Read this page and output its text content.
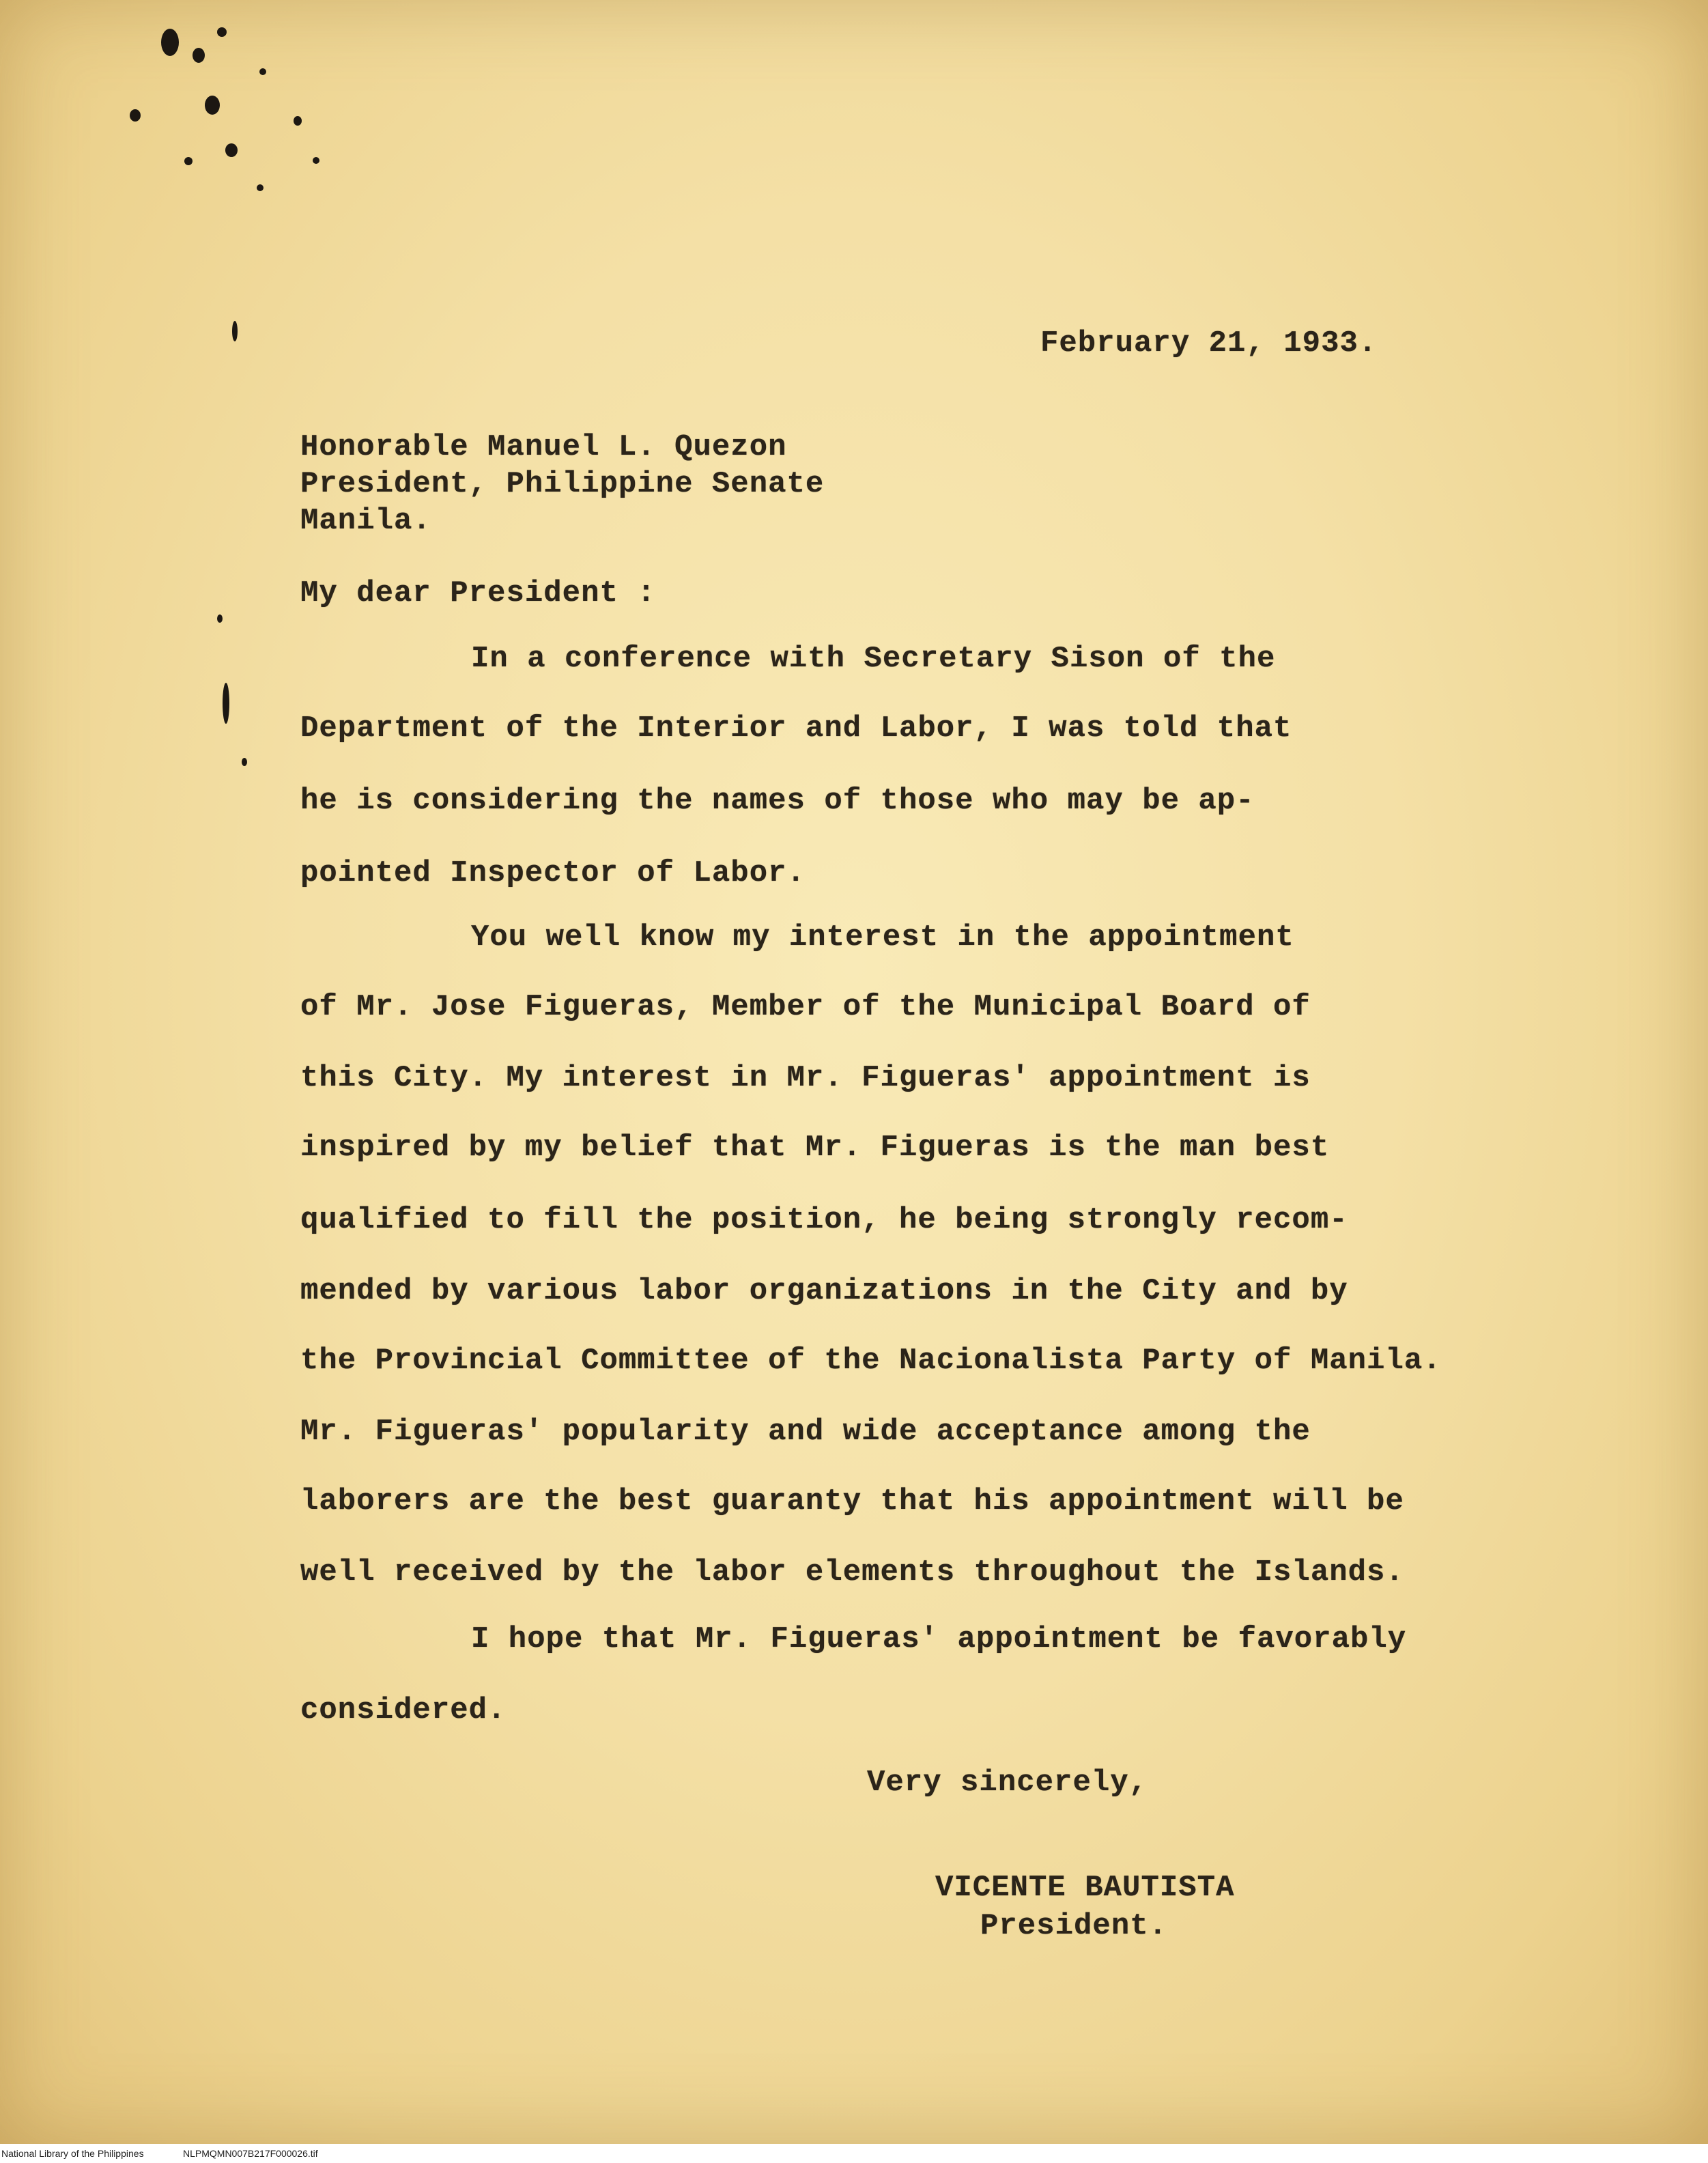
February 21, 1933.
Honorable Manuel L. Quezon
President, Philippine Senate
Manila.
My dear President :
In a conference with Secretary Sison of the
Department of the Interior and Labor, I was told that
he is considering the names of those who may be ap-
pointed Inspector of Labor.
You well know my interest in the appointment
of Mr. Jose Figueras, Member of the Municipal Board of
this City. My interest in Mr. Figueras' appointment is
inspired by my belief that Mr. Figueras is the man best
qualified to fill the position, he being strongly recom-
mended by various labor organizations in the City and by
the Provincial Committee of the Nacionalista Party of Manila.
Mr. Figueras' popularity and wide acceptance among the
laborers are the best guaranty that his appointment will be
well received by the labor elements throughout the Islands.
I hope that Mr. Figueras' appointment be favorably
considered.
Very sincerely,
VICENTE BAUTISTA
President.
National Library of the Philippines	NLPMQMN007B217F000026.tif
